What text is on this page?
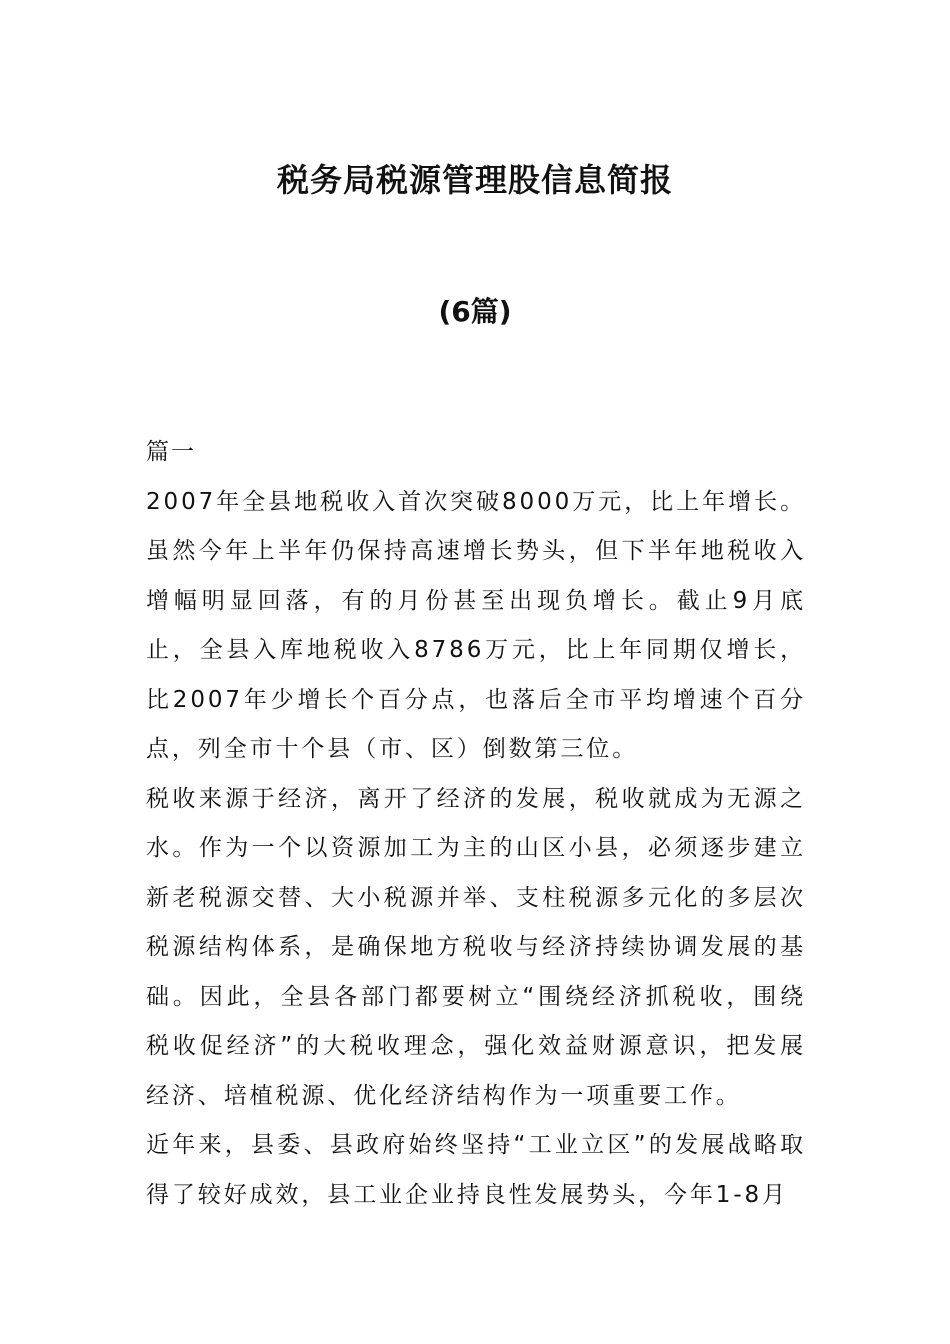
税务局税源管理股信息简报
(6篇)

篇一

2007年全县地税收入首次突破8000万元，比上年增长。虽然今年上半年仍保持高速增长势头，但下半年地税收入增幅明显回落，有的月份甚至出现负增长。截止9月底止，全县入库地税收入8786万元，比上年同期仅增长，比2007年少增长个百分点，也落后全市平均增速个百分点，列全市十个县（市、区）倒数第三位。

税收来源于经济，离开了经济的发展，税收就成为无源之水。作为一个以资源加工为主的山区小县，必须逐步建立新老税源交替、大小税源并举、支柱税源多元化的多层次税源结构体系，是确保地方税收与经济持续协调发展的基础。因此，全县各部门都要树立“围绕经济抓税收，围绕税收促经济”的大税收理念，强化效益财源意识，把发展经济、培植税源、优化经济结构作为一项重要工作。

近年来，县委、县政府始终坚持“工业立区”的发展战略取得了较好成效，县工业企业持良性发展势头，今年1-8月
